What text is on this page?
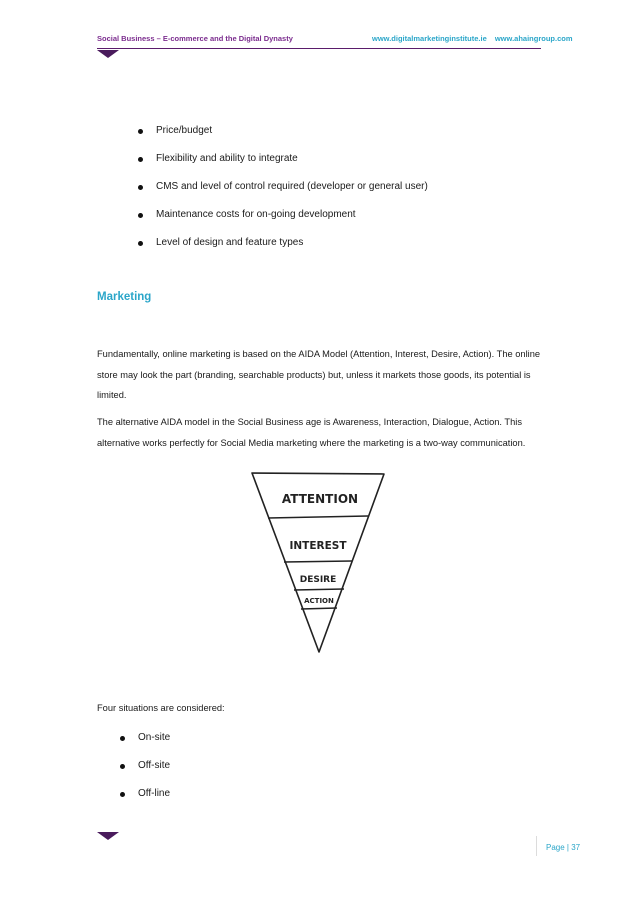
Social Business – E-commerce and the Digital Dynasty	www.digitalmarketinginstitute.ie www.ahaingroup.com
Price/budget
Flexibility and ability to integrate
CMS and level of control required (developer or general user)
Maintenance costs for on-going development
Level of design and feature types
Marketing

Fundamentally, online marketing is based on the AIDA Model (Attention, Interest, Desire, Action). The online store may look the part (branding, searchable products) but, unless it markets those goods, its potential is limited.

The alternative AIDA model in the Social Business age is Awareness, Interaction, Dialogue, Action. This alternative works perfectly for Social Media marketing where the marketing is a two-way communication.

ATTENTION
INTEREST
DESIRE
ACTION
Four situations are considered:
On-site
Off-site
Off-line
Page | 37
